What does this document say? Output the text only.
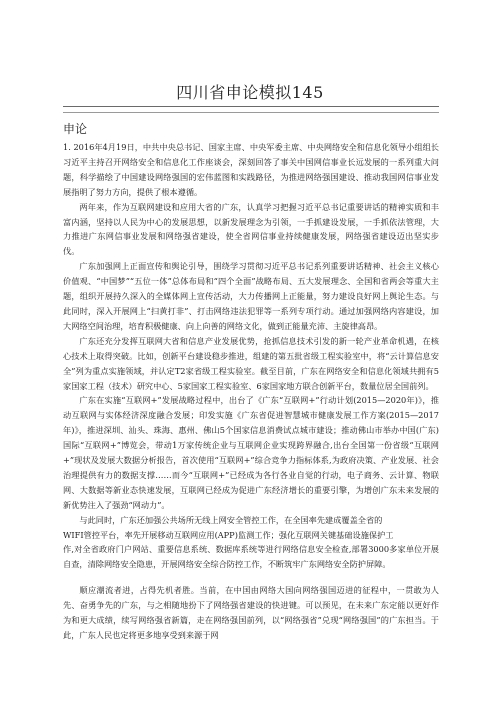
四川省申论模拟145
申论

1. 2016年4月19日，中共中央总书记、国家主席、中央军委主席、中央网络安全和信息化领导小组组长习近平主持召开网络安全和信息化工作座谈会，深刻回答了事关中国网信事业长远发展的一系列重大问题，科学描绘了中国建设网络强国的宏伟蓝图和实践路径，为推进网络强国建设、推动我国网信事业发展指明了努力方向，提供了根本遵循。

两年来，作为互联网建设和应用大省的广东，认真学习把握习近平总书记重要讲话的精神实质和丰富内涵，坚持以人民为中心的发展思想，以新发展理念为引领，一手抓建设发展，一手抓依法管理，大力推进广东网信事业发展和网络强省建设，使全省网信事业持续健康发展，网络强省建设迈出坚实步伐。

广东加强网上正面宣传和舆论引导，围绕学习贯彻习近平总书记系列重要讲话精神、社会主义核心价值观、“中国梦”“五位一体”总体布局和“四个全面”战略布局、五大发展理念、全国和省两会等重大主题，组织开展持久深入的全媒体网上宣传活动，大力传播网上正能量，努力建设良好网上舆论生态。与此同时，深入开展网上“扫黄打非”、打击网络违法犯罪等一系列专项行动。通过加强网络内容建设，加大网络空间治理，培育积极健康、向上向善的网络文化，做到正能量充沛、主旋律高昂。

广东还充分发挥互联网大省和信息产业发展优势，抢抓信息技术引发的新一轮产业革命机遇，在核心技术上取得突破。比如，创新平台建设稳步推进，组建的第五批省级工程实验室中，将“云计算信息安全”列为重点实施领域，并认定T2家省级工程实验室。截至目前，广东在网络安全和信息化领域共拥有5家国家工程（技术）研究中心、5家国家工程实验室、6家国家地方联合创新平台，数量位居全国前列。

广东在实施“互联网+”发展战略过程中，出台了《广东“互联网+”行动计划(2015—2020年)》，推动互联网与实体经济深度融合发展；印发实施《广东省促进智慧城市健康发展工作方案(2015—2017年)》，推进深圳、汕头、珠海、惠州、佛山5个国家信息消费试点城市建设；推动佛山市举办中国(广东)国际“互联网+”博览会，带动1万家传统企业与互联网企业实现跨界融合,出台全国第一份省级“互联网+”现状及发展大数据分析报告，首次使用“互联网+”综合竞争力指标体系,为政府决策、产业发展、社会治理提供有力的数据支撑……而今“互联网+”已经成为各行各业自觉的行动，电子商务、云计算、物联网、大数据等新业态快速发展，互联网已经成为促进广东经济增长的重要引擎，为增创广东未来发展的新优势注入了强劲“网动力”。

与此同时，广东还加强公共场所无线上网安全管控工作，在全国率先建成覆盖全省的

WIFI管控平台，率先开展移动互联网应用(APP)监测工作；强化互联网关键基础设施保护工

作,对全省政府门户网站、重要信息系统、数据库系统等进行网络信息安全检查,部署3000多家单位开展自查，清除网络安全隐患，开展网络安全综合防控工作，不断筑牢广东网络安全防护屏障。

顺应潮流者进，占得先机者胜。当前，在中国由网络大国向网络强国迈进的征程中，一贯敢为人先、奋勇争先的广东，与之相随地扮下了网络强省建设的快进键。可以预见，在未来广东定能以更好作为和更大成绩，续写网络强省新篇，走在网络强国前列，以“网络强省”兑现“网络强国”的广东担当。于此，广东人民也定将更多地享受到来源于网
